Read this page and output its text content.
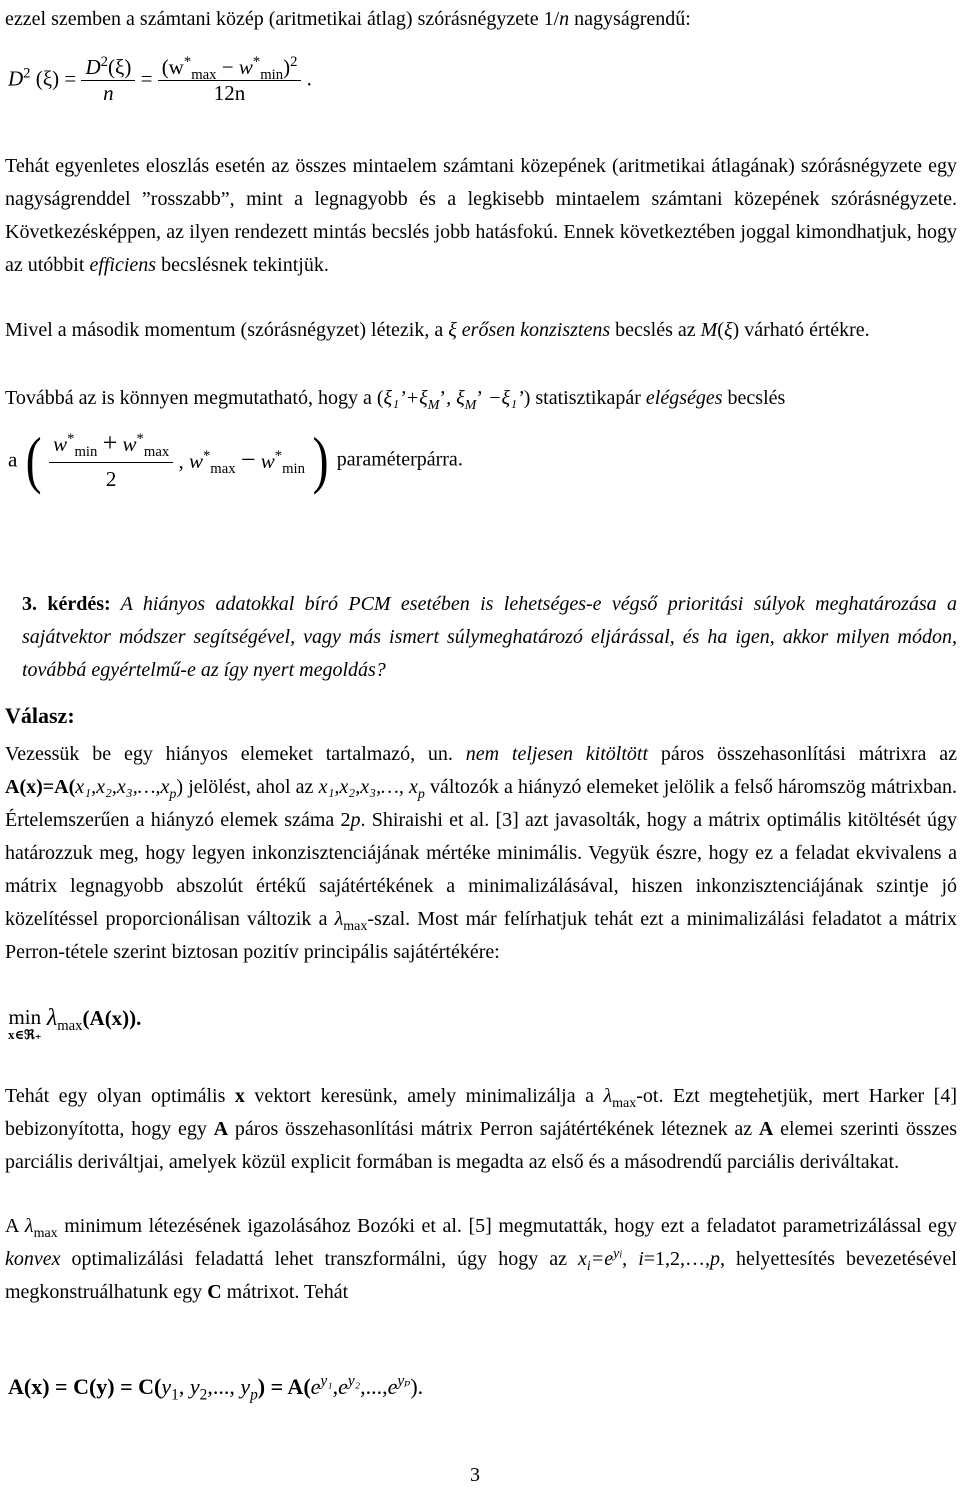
ezzel szemben a számtani közép (aritmetikai átlag) szórásnégyzete 1/n nagyságrendű:
$D^2$ $(\xi) = \frac{D^2(\xi)}{n} = \frac{(w^*_{max} - w^*_{min})^2}{12n}$ .
Tehát egyenletes eloszlás esetén az összes mintaelem számtani közepének (aritmetikai átlagának) szórásnégyzete egy nagyságrenddel ”rosszabb”, mint a legnagyobb és a legkisebb mintaelem számtani közepének szórásnégyzete. Következésképpen, az ilyen rendezett mintás becslés jobb hatásfokú. Ennek következtében joggal kimondhatjuk, hogy az utóbbit efficiens becslésnek tekintjük.
Mivel a második momentum (szórásnégyzet) létezik, a ξ erősen konzisztens becslés az M(ξ) várható értékre.
Továbbá az is könnyen megmutatható, hogy a ($\xi_1’+\xi_M$’, $\xi_M$’ −ξ₁’) statisztikapár elégséges becslés
a ( $\frac{w^*_{min} + w^*_{max}}{2}$ , $w^*_{max} - w^*_{min}$ ) paraméterpárra.
3. kérdés: A hiányos adatokkal bíró PCM esetében is lehetséges-e végső prioritási súlyok meghatározása a sajátvektor módszer segítségével, vagy más ismert súlymeghatározó eljárással, és ha igen, akkor milyen módon, továbbá egyértelmű-e az így nyert megoldás?
Válasz:
Vezessük be egy hiányos elemeket tartalmazó, un. nem teljesen kitöltött páros összehasonlítási mátrixra az $A(x)=A(x_1,x_2,x_3,\dots,x_p)$ jelölést, ahol az x₁,x₂,x₃,…, $x_p$ változók a hiányzó elemeket jelölik a felső háromszög mátrixban. Értelemszerűen a hiányzó elemek száma 2p. Shiraishi et al. [3] azt javasolták, hogy a mátrix optimális kitöltését úgy határozzuk meg, hogy legyen inkonzisztenciájának mértéke minimális. Vegyük észre, hogy ez a feladat ekvivalens a mátrix legnagyobb abszolút értékű sajátértékének a minimalizálásával, hiszen inkonzisztenciájának szintje jó közelítéssel proporcionálisan változik a $\lambda_{max}$-szal. Most már felírhatjuk tehát ezt a minimalizálási feladatot a mátrix Perron-tétele szerint biztosan pozitív principális sajátértékére:
min
x∈ℜ₊
$\lambda_{max}(A(x))$.
Tehát egy olyan optimális x vektort keresünk, amely minimalizálja a $\lambda_{max}-ot$. Ezt megtehetjük, mert Harker [4] bebizonyította, hogy egy A páros összehasonlítási mátrix Perron sajátértékének léteznek az A elemei szerinti összes parciális deriváltjai, amelyek közül explicit formában is megadta az első és a másodrendű parciális deriváltakat.
A $\lambda_{max}$ minimum létezésének igazolásához Bozóki et al. [5] megmutatták, hogy ezt a feladatot parametrizálással egy konvex optimalizálási feladattá lehet transzformálni, úgy hogy az $x_i=e^{yi}$, i=1,2,…,p, helyettesítés bevezetésével megkonstruálhatunk egy C mátrixot. Tehát
$A(x) = C(y) = C(y_1$, $y_2$,..., $y_p) = A(e^{y_1},e^{y_2},...,e^{y_p})$.
3
